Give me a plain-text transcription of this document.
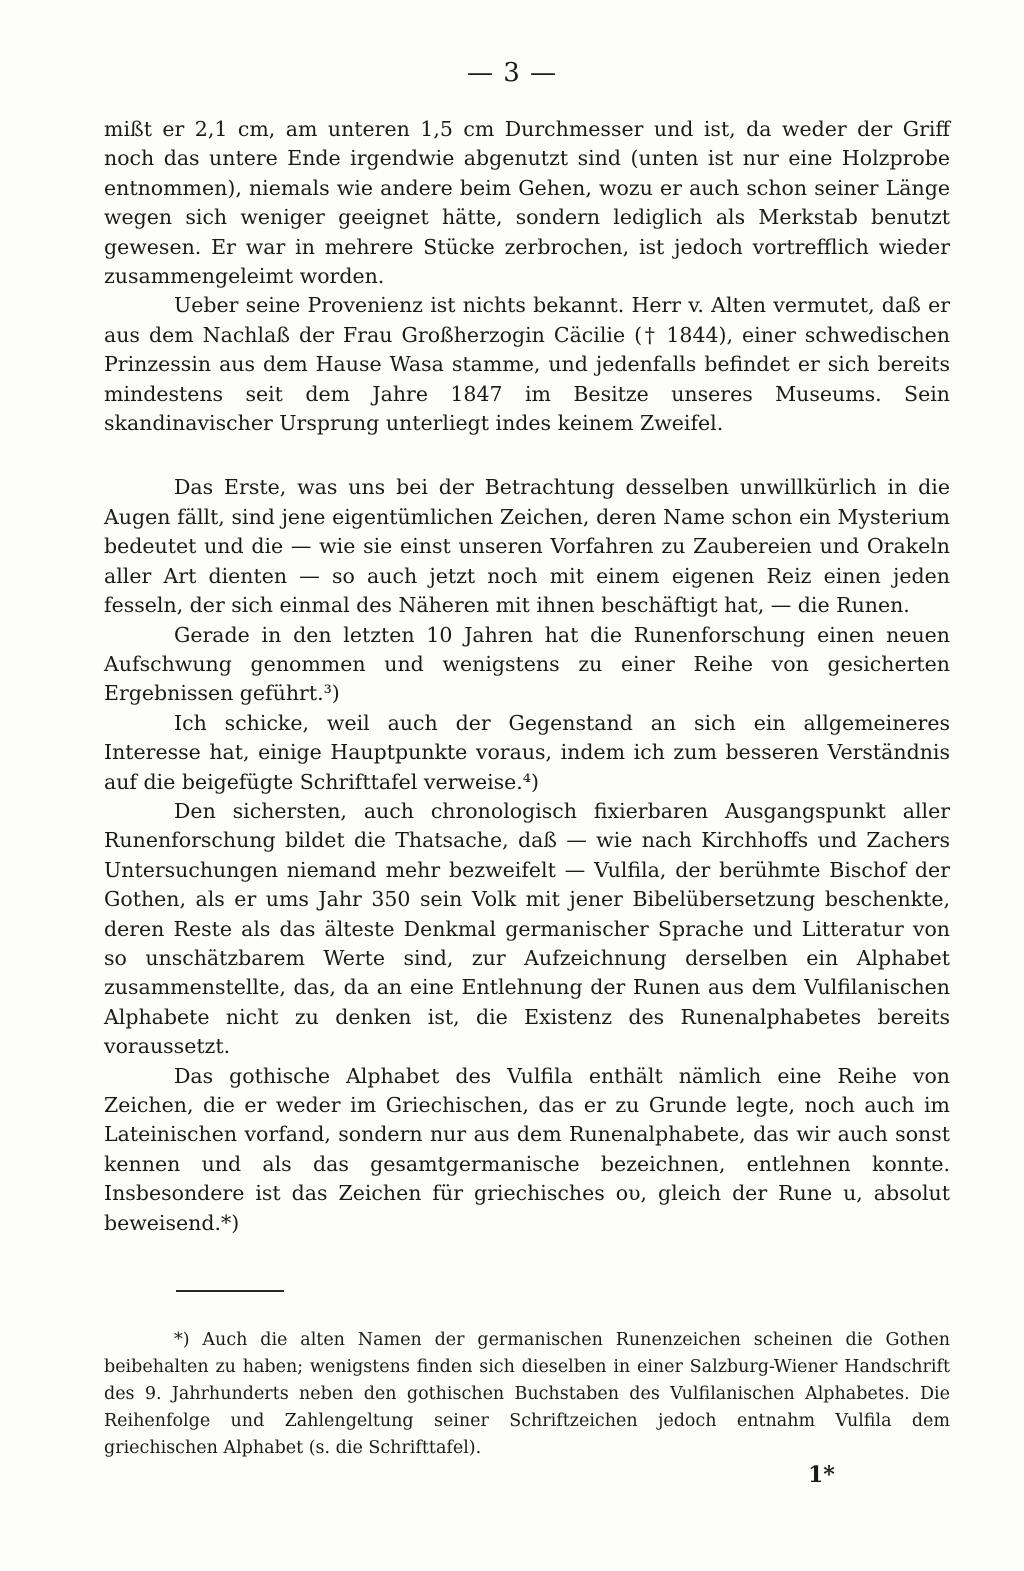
— 3 —

mißt er 2,1 cm, am unteren 1,5 cm Durchmesser und ist, da weder der Griff noch das untere Ende irgendwie abgenutzt sind (unten ist nur eine Holzprobe entnommen), niemals wie andere beim Gehen, wozu er auch schon seiner Länge wegen sich weniger geeignet hätte, sondern lediglich als Merkstab benutzt gewesen. Er war in mehrere Stücke zerbrochen, ist jedoch vortrefflich wieder zusammengeleimt worden.

Ueber seine Provenienz ist nichts bekannt. Herr v. Alten vermutet, daß er aus dem Nachlaß der Frau Großherzogin Cäcilie († 1844), einer schwedischen Prinzessin aus dem Hause Wasa stamme, und jedenfalls befindet er sich bereits mindestens seit dem Jahre 1847 im Besitze unseres Museums. Sein skandinavischer Ursprung unterliegt indes keinem Zweifel.

Das Erste, was uns bei der Betrachtung desselben unwillkürlich in die Augen fällt, sind jene eigentümlichen Zeichen, deren Name schon ein Mysterium bedeutet und die — wie sie einst unseren Vorfahren zu Zaubereien und Orakeln aller Art dienten — so auch jetzt noch mit einem eigenen Reiz einen jeden fesseln, der sich einmal des Näheren mit ihnen beschäftigt hat, — die Runen.

Gerade in den letzten 10 Jahren hat die Runenforschung einen neuen Aufschwung genommen und wenigstens zu einer Reihe von gesicherten Ergebnissen geführt.³)

Ich schicke, weil auch der Gegenstand an sich ein allgemeineres Interesse hat, einige Hauptpunkte voraus, indem ich zum besseren Verständnis auf die beigefügte Schrifttafel verweise.⁴)

Den sichersten, auch chronologisch fixierbaren Ausgangspunkt aller Runenforschung bildet die Thatsache, daß — wie nach Kirchhoffs und Zachers Untersuchungen niemand mehr bezweifelt — Vulfila, der berühmte Bischof der Gothen, als er ums Jahr 350 sein Volk mit jener Bibelübersetzung beschenkte, deren Reste als das älteste Denkmal germanischer Sprache und Litteratur von so unschätzbarem Werte sind, zur Aufzeichnung derselben ein Alphabet zusammenstellte, das, da an eine Entlehnung der Runen aus dem Vulfilanischen Alphabete nicht zu denken ist, die Existenz des Runenalphabetes bereits voraussetzt.

Das gothische Alphabet des Vulfila enthält nämlich eine Reihe von Zeichen, die er weder im Griechischen, das er zu Grunde legte, noch auch im Lateinischen vorfand, sondern nur aus dem Runenalphabete, das wir auch sonst kennen und als das gesamtgermanische bezeichnen, entlehnen konnte. Insbesondere ist das Zeichen für griechisches ου, gleich der Rune u, absolut beweisend.*)

*) Auch die alten Namen der germanischen Runenzeichen scheinen die Gothen beibehalten zu haben; wenigstens finden sich dieselben in einer Salzburg-Wiener Handschrift des 9. Jahrhunderts neben den gothischen Buchstaben des Vulfilanischen Alphabetes. Die Reihenfolge und Zahlengeltung seiner Schriftzeichen jedoch entnahm Vulfila dem griechischen Alphabet (s. die Schrifttafel).

1*
